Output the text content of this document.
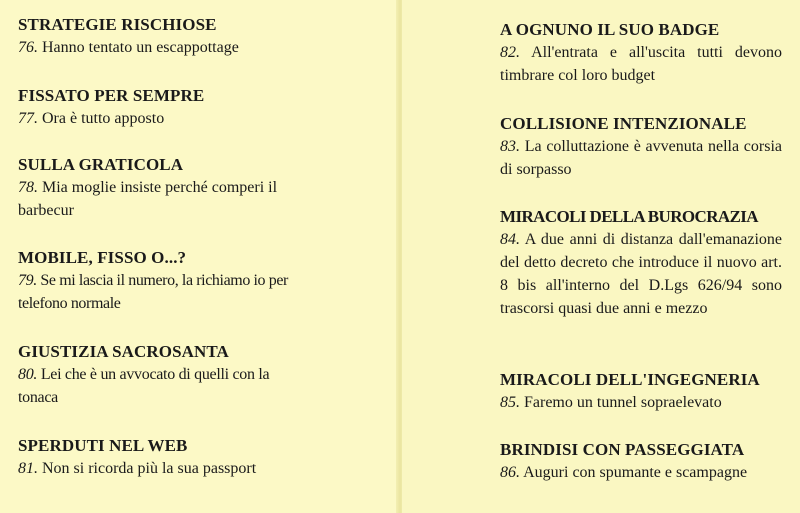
STRATEGIE RISCHIOSE
76. Hanno tentato un escappottage
FISSATO PER SEMPRE
77. Ora è tutto apposto
SULLA GRATICOLA
78. Mia moglie insiste perché comperi il barbecur
MOBILE, FISSO O...?
79. Se mi lascia il numero, la richiamo io per telefono normale
GIUSTIZIA SACROSANTA
80. Lei che è un avvocato di quelli con la tonaca
SPERDUTI NEL WEB
81. Non si ricorda più la sua passport
A OGNUNO IL SUO BADGE
82. All'entrata e all'uscita tutti devono timbrare col loro budget
COLLISIONE INTENZIONALE
83. La colluttazione è avvenuta nella corsia di sorpasso
MIRACOLI DELLA BUROCRAZIA
84. A due anni di distanza dall'emanazione del detto decreto che introduce il nuovo art. 8 bis all'interno del D.Lgs 626/94 sono trascorsi quasi due anni e mezzo
MIRACOLI DELL'INGEGNERIA
85. Faremo un tunnel sopraelevato
BRINDISI CON PASSEGGIATA
86. Auguri con spumante e scampagne
